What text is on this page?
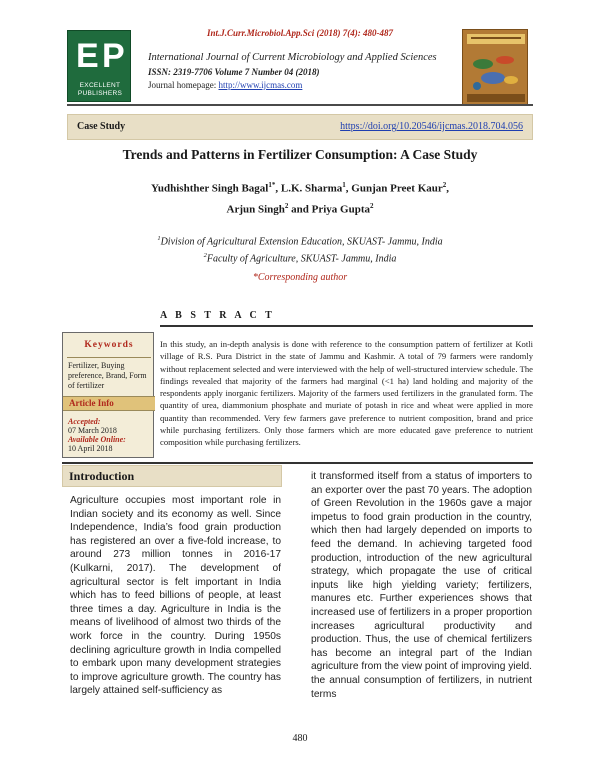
Int.J.Curr.Microbiol.App.Sci (2018) 7(4): 480-487
E P
EXCELLENT PUBLISHERS
International Journal of Current Microbiology and Applied Sciences
ISSN: 2319-7706 Volume 7 Number 04 (2018)
Journal homepage: http://www.ijcmas.com
Case Study	https://doi.org/10.20546/ijcmas.2018.704.056
Trends and Patterns in Fertilizer Consumption: A Case Study
Yudhishther Singh Bagal$^{1*}$, L.K. Sharma$^1$, Gunjan Preet Kaur$^2$,
Arjun Singh$^2$ and Priya Gupta$^2$
$^1$Division of Agricultural Extension Education, SKUAST- Jammu, India
$^2$Faculty of Agriculture, SKUAST- Jammu, India
*Corresponding author
A B S T R A C T
Keywords
Fertilizer, Buying preference, Brand, Form of fertilizer
Article Info
Accepted:
07 March 2018
Available Online:
10 April 2018
In this study, an in-depth analysis is done with reference to the consumption pattern of fertilizer at Kotli village of R.S. Pura District in the state of Jammu and Kashmir. A total of 79 farmers were randomly without replacement selected and were interviewed with the help of well-structured interview schedule. The findings revealed that majority of the farmers had marginal (<1 ha) land holding and majority of the respondents apply inorganic fertilizers. Majority of the farmers used fertilizers in the granulated form. The quantity of urea, diammonium phosphate and muriate of potash in rice and wheat were applied in more quantity than recommended. Very few farmers gave preference to nutrient composition, brand and price while purchasing fertilizers. Only those farmers which are more educated gave preference to nutrient composition while purchasing fertilizers.
Introduction
Agriculture occupies most important role in Indian society and its economy as well. Since Independence, India’s food grain production has registered an over a five-fold increase, to around 273 million tonnes in 2016-17 (Kulkarni, 2017). The development of agricultural sector is felt important in India which has to feed billions of people, at least three times a day. Agriculture in India is the means of livelihood of almost two thirds of the work force in the country. During 1950s declining agriculture growth in India compelled to embark upon many development strategies to improve agriculture growth. The country has largely attained self-sufficiency as
it transformed itself from a status of importers to an exporter over the past 70 years. The adoption of Green Revolution in the 1960s gave a major impetus to food grain production in the country, which then had largely depended on imports to feed the demand. In achieving targeted food production, introduction of the new agricultural strategy, which propagate the use of critical inputs like high yielding variety; fertilizers, manures etc. Further experiences shows that increased use of fertilizers in a proper proportion increases agricultural productivity and production. Thus, the use of chemical fertilizers has become an integral part of the Indian agriculture from the view point of improving yield. the annual consumption of fertilizers, in nutrient terms
480
